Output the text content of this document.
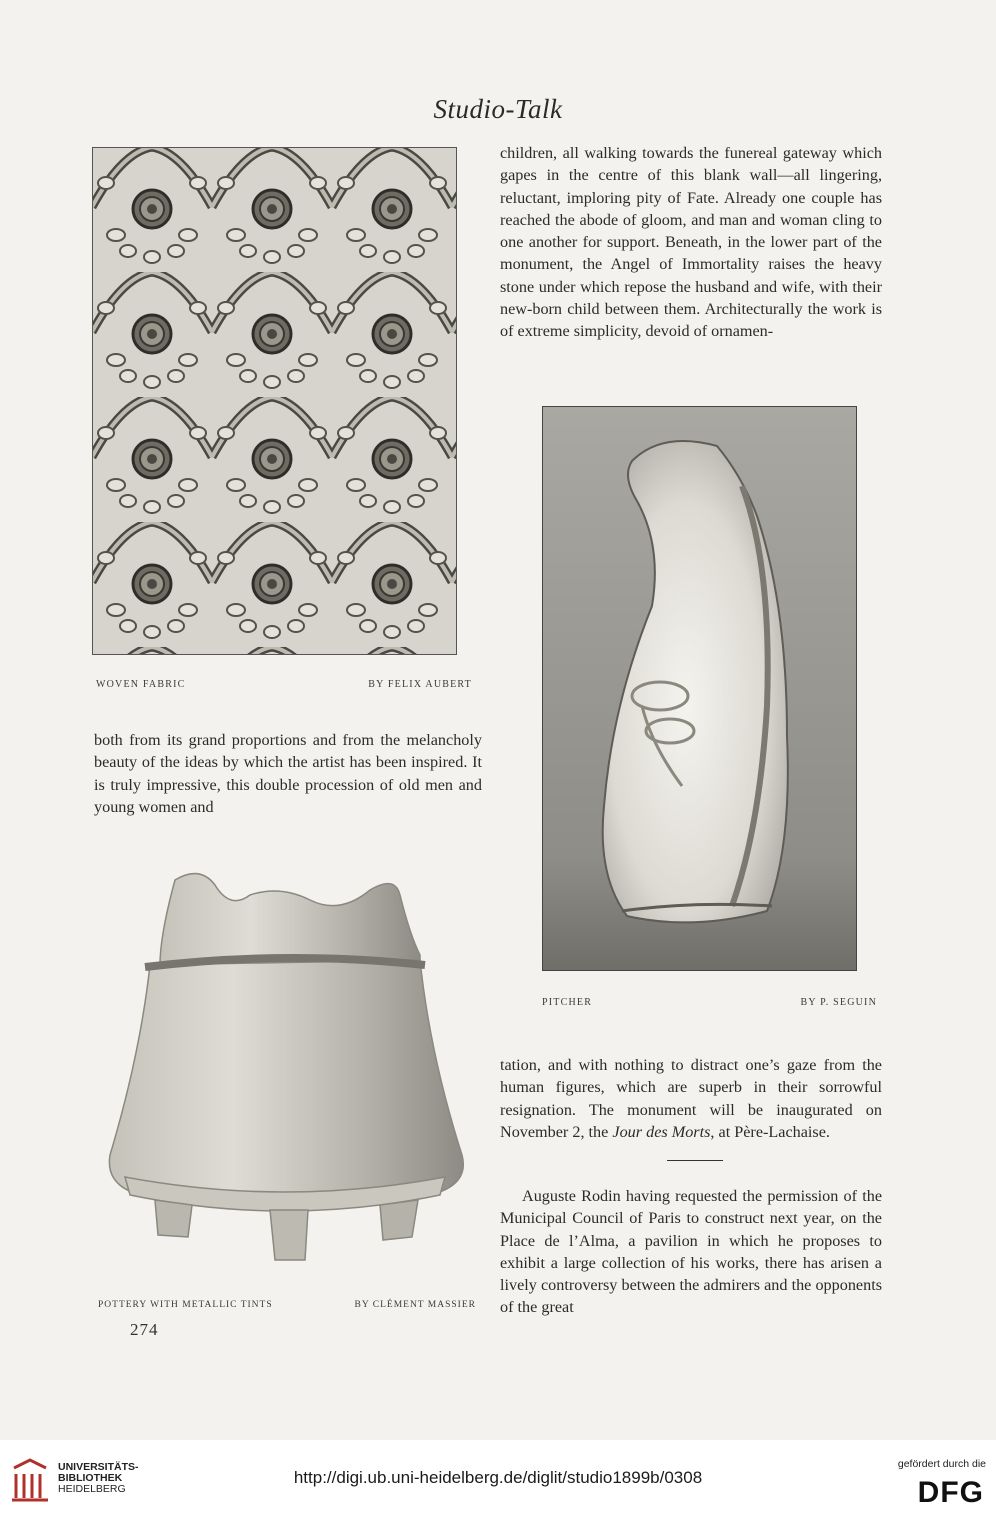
Studio-Talk
WOVEN FABRIC	BY FELIX AUBERT

children, all walking towards the funereal gateway which gapes in the centre of this blank wall—all lingering, reluctant, imploring pity of Fate. Already one couple has reached the abode of gloom, and man and woman cling to one another for support. Beneath, in the lower part of the monument, the Angel of Immortality raises the heavy stone under which repose the husband and wife, with their new-born child between them. Architecturally the work is of extreme simplicity, devoid of ornamen-

both from its grand proportions and from the melancholy beauty of the ideas by which the artist has been inspired. It is truly impressive, this double procession of old men and young women and

PITCHER	BY P. SEGUIN

tation, and with nothing to distract one’s gaze from the human figures, which are superb in their sorrowful resignation. The monument will be inaugurated on November 2, the Jour des Morts, at Père-Lachaise.

Auguste Rodin having requested the permission of the Municipal Council of Paris to construct next year, on the Place de l’Alma, a pavilion in which he proposes to exhibit a large collection of his works, there has arisen a lively controversy between the admirers and the opponents of the great

POTTERY WITH METALLIC TINTS	BY CLÉMENT MASSIER
274
UNIVERSITÄTS-
BIBLIOTHEK
HEIDELBERG
http://digi.ub.uni-heidelberg.de/diglit/studio1899b/0308
gefördert durch die
DFG
